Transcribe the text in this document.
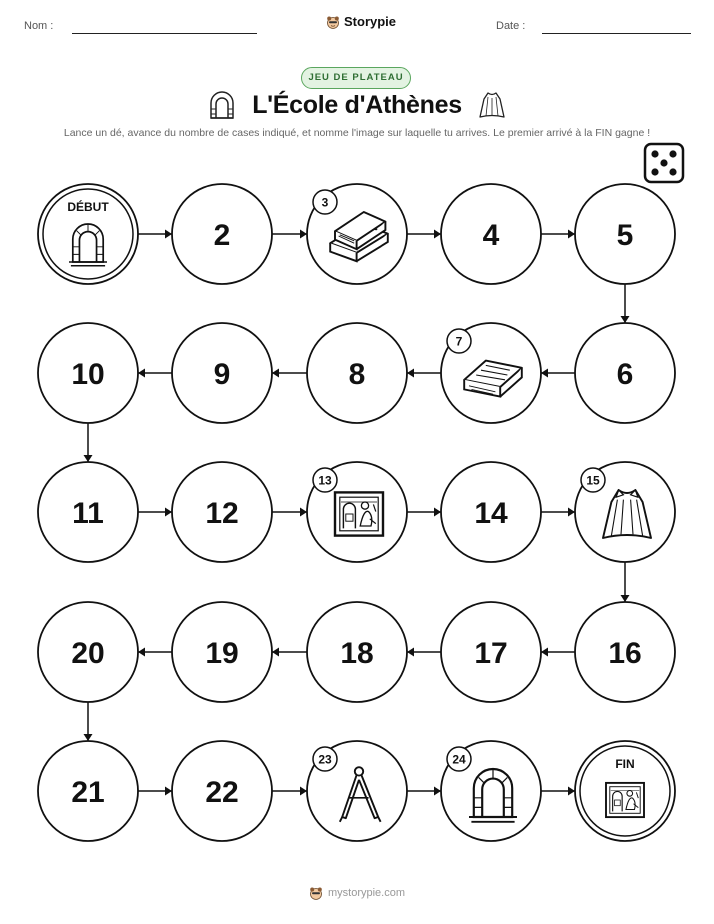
Nom :	Storypie	Date :
JEU DE PLATEAU
L'École d'Athènes
Lance un dé, avance du nombre de cases indiqué, et nomme l'image sur laquelle tu arrives. Le premier arrivé à la FIN gagne !
DÉBUT
2
3
4	5
6
7
8
9
10
11	12
13
14
15
16
17
18
19
20
21	22
23	24	FIN
mystorypie.com
